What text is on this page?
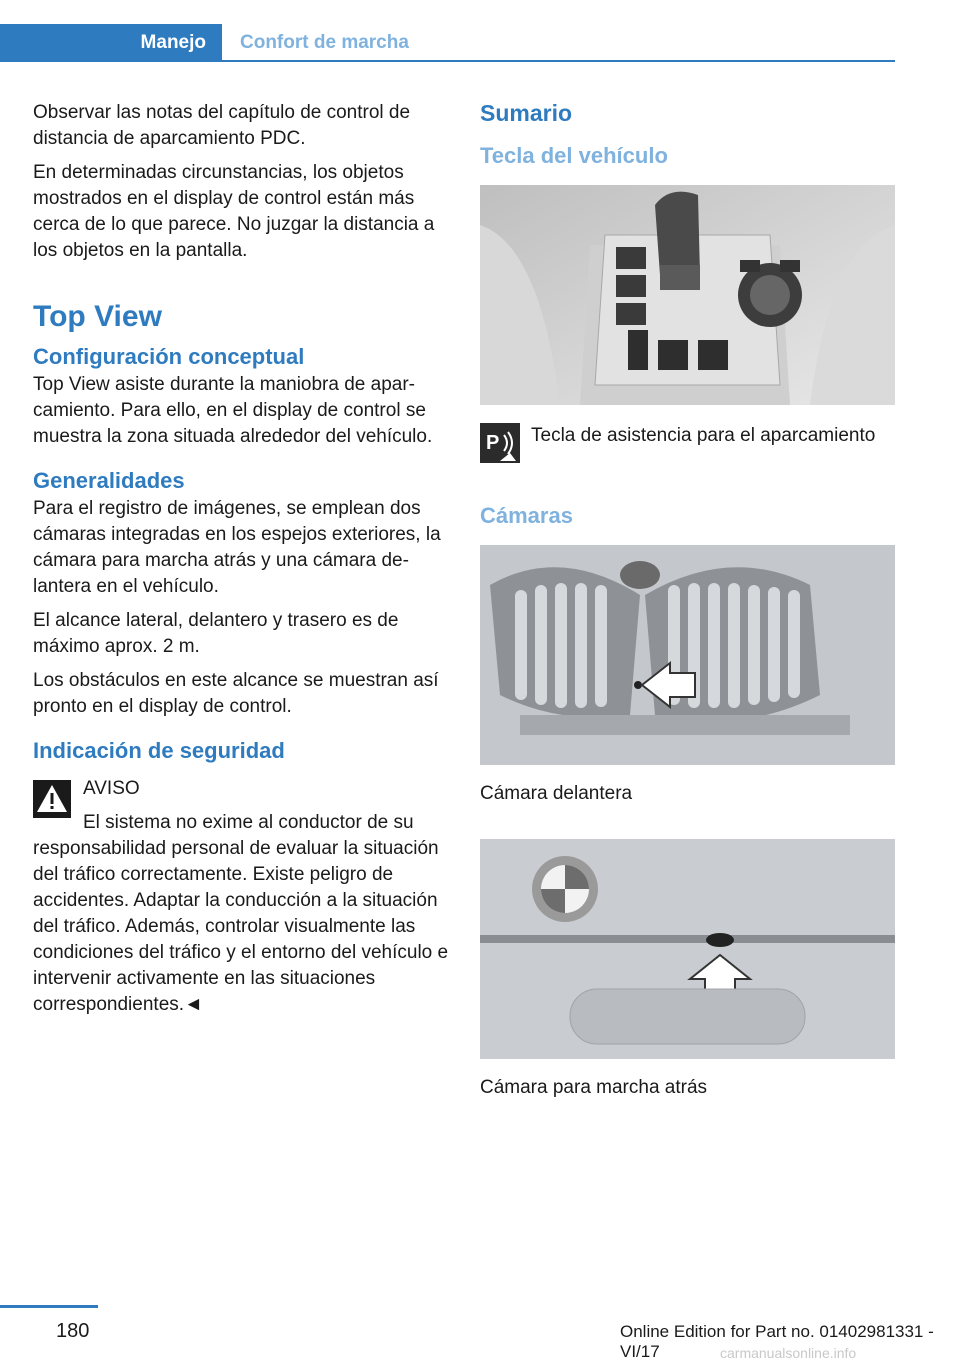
Manejo	Confort de marcha

Observar las notas del capítulo de control de distancia de aparcamiento PDC.

En determinadas circunstancias, los objetos mostrados en el display de control están más cerca de lo que parece. No juzgar la distancia a los objetos en la pantalla.

Top View
Configuración conceptual

Top View asiste durante la maniobra de aparcamiento. Para ello, en el display de control se muestra la zona situada alrededor del vehículo.

Generalidades

Para el registro de imágenes, se emplean dos cámaras integradas en los espejos exteriores, la cámara para marcha atrás y una cámara delantera en el vehículo.

El alcance lateral, delantero y trasero es de máximo aprox. 2 m.

Los obstáculos en este alcance se muestran así pronto en el display de control.

Indicación de seguridad

AVISO

El sistema no exime al conductor de su responsabilidad personal de evaluar la situación del tráfico correctamente. Existe peligro de accidentes. Adaptar la conducción a la situación del tráfico. Además, controlar visualmente las condiciones del tráfico y el entorno del vehículo e intervenir activamente en las situaciones correspondientes.◄

Sumario
Tecla del vehículo
P Tecla de asistencia para el aparcamiento

Cámaras

Cámara delantera

Cámara para marcha atrás

180	Online Edition for Part no. 01402981331 - VI/17	carmanualsonline.info
